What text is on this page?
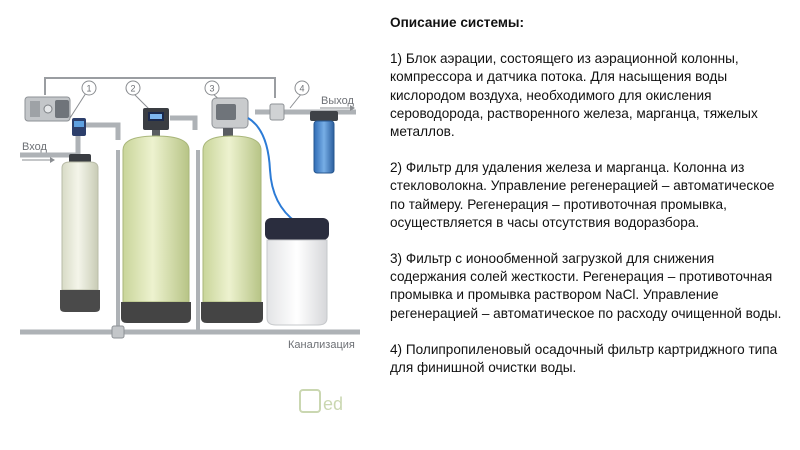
1	2	3	4
Вход
Выход
Канализация
ed
Описание системы:

1) Блок аэрации, состоящего из аэрационной колонны, компрессора и датчика потока. Для насыщения воды кислородом воздуха, необходимого для окисления сероводорода, растворенного железа, марганца, тяжелых металлов.

2) Фильтр для удаления железа и марганца. Колонна из стекловолокна. Управление регенерацией – автоматическое по таймеру. Регенерация – противоточная промывка, осуществляется в часы отсутствия водоразбора.

3) Фильтр с ионообменной загрузкой для снижения содержания солей жесткости. Регенерация – противоточная промывка и промывка раствором NaCl. Управление регенерацией – автоматическое по расходу очищенной воды.

4) Полипропиленовый осадочный фильтр картриджного типа для финишной очистки воды.
